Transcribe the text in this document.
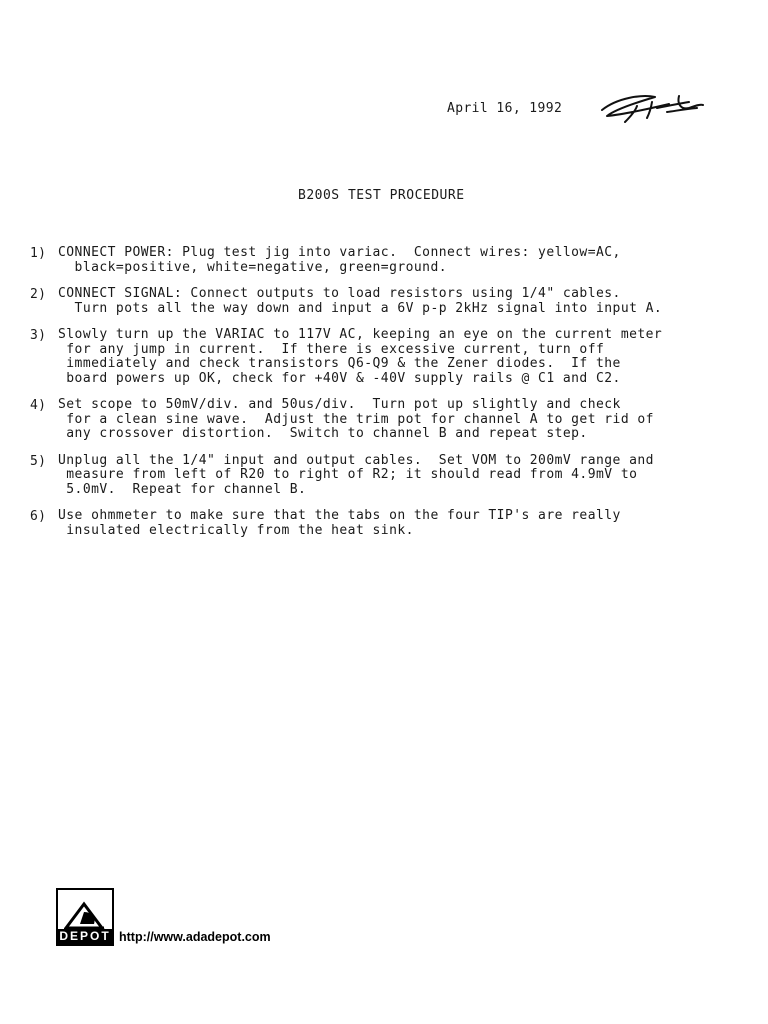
April 16, 1992
B200S TEST PROCEDURE
1) CONNECT POWER: Plug test jig into variac.  Connect wires: yellow=AC,
black=positive, white=negative, green=ground.
2) CONNECT SIGNAL: Connect outputs to load resistors using 1/4" cables.
Turn pots all the way down and input a 6V p-p 2kHz signal into input A.
3) Slowly turn up the VARIAC to 117V AC, keeping an eye on the current meter
for any jump in current.  If there is excessive current, turn off
immediately and check transistors Q6-Q9 & the Zener diodes.  If the
board powers up OK, check for +40V & -40V supply rails @ C1 and C2.
4) Set scope to 50mV/div. and 50us/div.  Turn pot up slightly and check
for a clean sine wave.  Adjust the trim pot for channel A to get rid of
any crossover distortion.  Switch to channel B and repeat step.
5) Unplug all the 1/4" input and output cables.  Set VOM to 200mV range and
measure from left of R20 to right of R2; it should read from 4.9mV to
5.0mV.  Repeat for channel B.
6) Use ohmmeter to make sure that the tabs on the four TIP's are really
insulated electrically from the heat sink.
DEPOT http://www.adadepot.com
